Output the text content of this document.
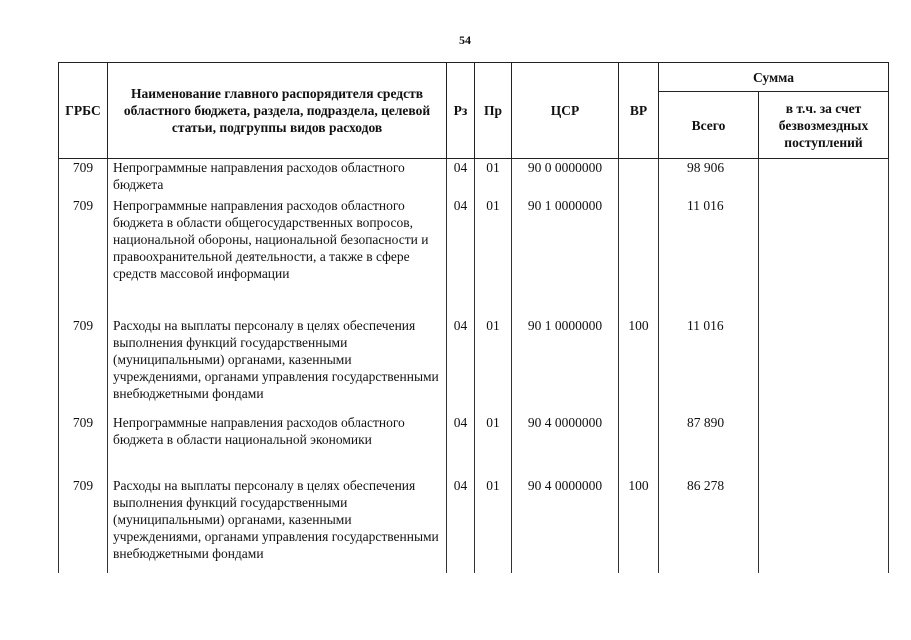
54
ГРБС	Наименование главного распорядителя средств областного бюджета, раздела, подраздела, целевой статьи, подгруппы видов расходов	Рз	Пр	ЦСР	ВР	Сумма	
						Всего	в т.ч. за счет безвозмездных поступлений
709	Непрограммные направления расходов областного бюджета	04	01	90 0 0000000		98 906	
709	Непрограммные направления расходов областного бюджета в области общегосударственных вопросов, национальной обороны, национальной безопасности и правоохранительной деятельности, а также в сфере средств массовой информации	04	01	90 1 0000000		11 016	
709	Расходы на выплаты персоналу в целях обеспечения выполнения функций государственными (муниципальными) органами, казенными учреждениями, органами управления государственными внебюджетными фондами	04	01	90 1 0000000	100	11 016	
709	Непрограммные направления расходов областного бюджета в области национальной экономики	04	01	90 4 0000000		87 890	
709	Расходы на выплаты персоналу в целях обеспечения выполнения функций государственными (муниципальными) органами, казенными учреждениями, органами управления государственными внебюджетными фондами	04	01	90 4 0000000	100	86 278	
